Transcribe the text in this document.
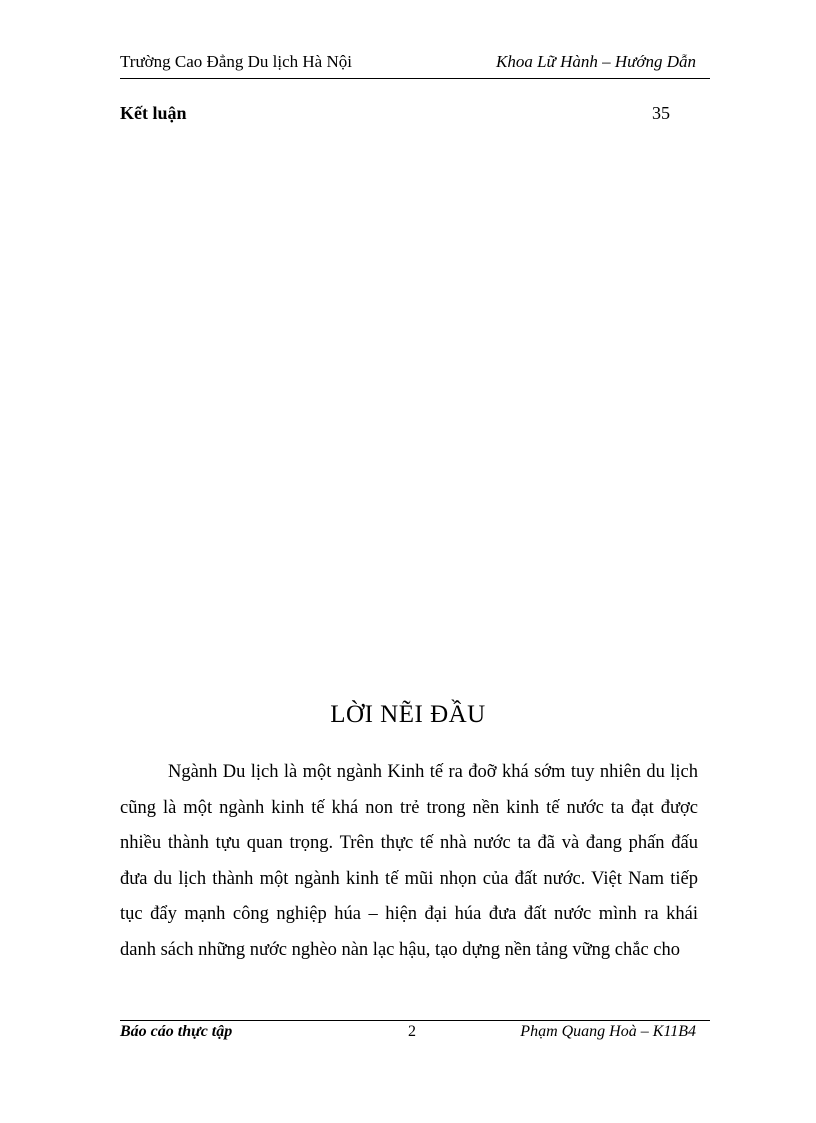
Trường Cao Đẳng Du lịch Hà Nội	Khoa Lữ Hành – Hướng Dẫn
Kết luận	35
LỜI NẼI ĐẦU
Ngành Du lịch là một ngành Kinh tế ra đoỡ khá sớm tuy nhiên du lịch
cũng là một ngành kinh tế khá non trẻ trong nền kinh tế nước ta đạt được
nhiều thành tựu quan trọng. Trên thực tế nhà nước ta đã và đang phấn đấu
đưa du lịch thành một ngành kinh tế mũi nhọn của đất nước. Việt Nam tiếp
tục đẩy mạnh công nghiệp húa – hiện đại húa đưa đất nước mình ra khái
danh sách những nước nghèo nàn lạc hậu, tạo dựng nền tảng vững chắc cho
Báo cáo thực tập	2	Phạm Quang Hoà – K11B4
